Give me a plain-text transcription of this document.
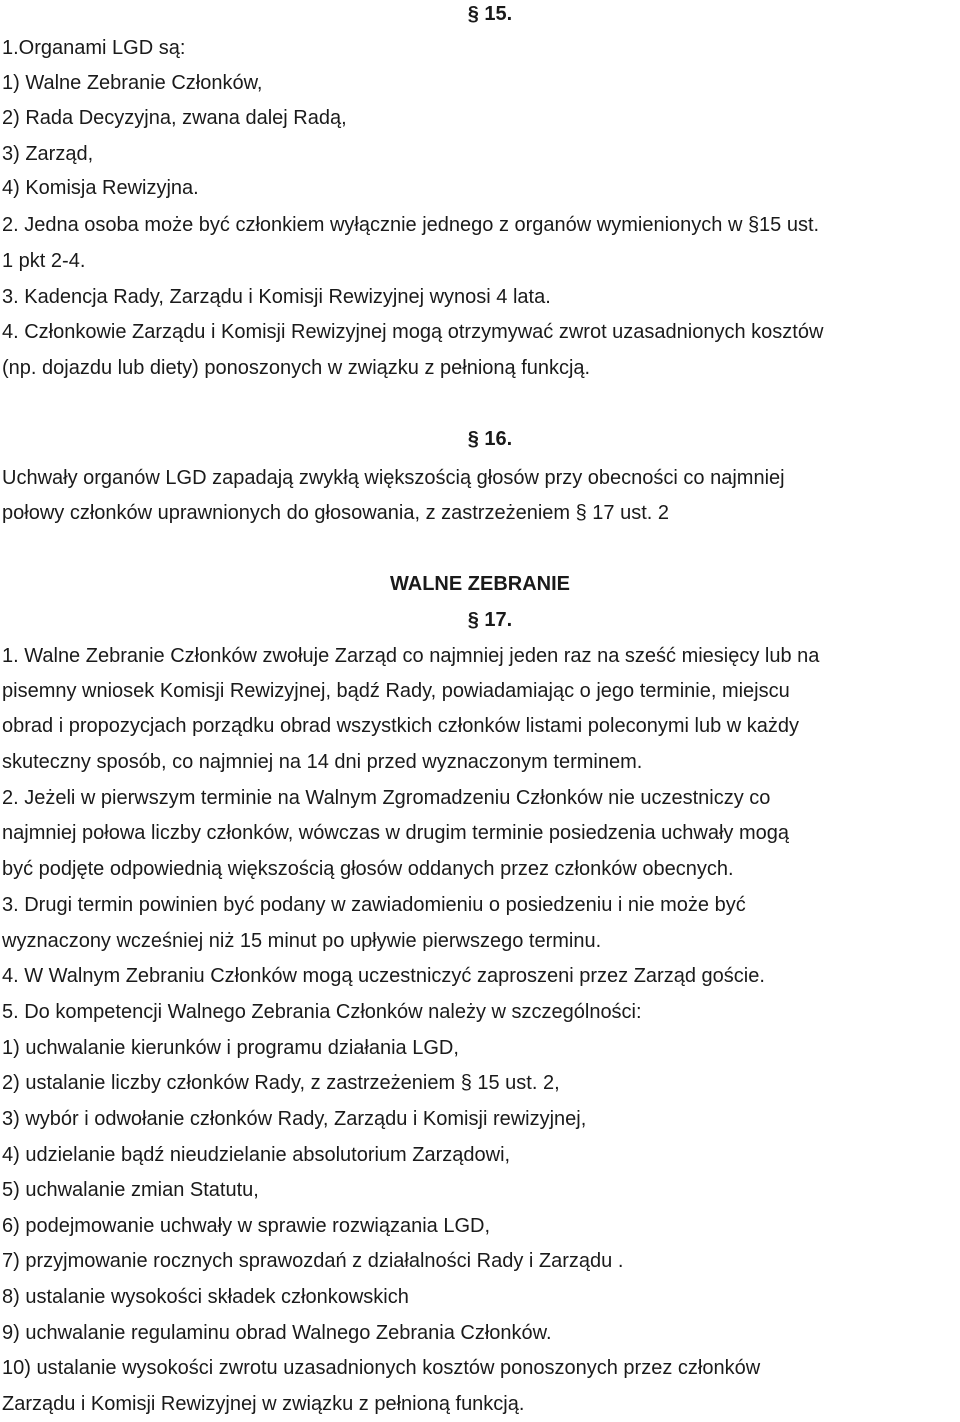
§ 15.
1.Organami LGD są:
1) Walne Zebranie Członków,
2) Rada Decyzyjna, zwana dalej Radą,
3) Zarząd,
4) Komisja Rewizyjna.
2. Jedna osoba może być członkiem wyłącznie jednego z organów wymienionych w §15 ust.
1 pkt 2-4.
3. Kadencja Rady, Zarządu i Komisji Rewizyjnej wynosi 4 lata.
4. Członkowie Zarządu i Komisji Rewizyjnej mogą otrzymywać zwrot uzasadnionych kosztów
(np. dojazdu lub diety) ponoszonych w związku z pełnioną funkcją.
§ 16.
Uchwały organów LGD zapadają zwykłą większością głosów przy obecności co najmniej
połowy członków uprawnionych do głosowania, z zastrzeżeniem § 17 ust. 2
WALNE ZEBRANIE
§ 17.
1. Walne Zebranie Członków zwołuje Zarząd co najmniej jeden raz na sześć miesięcy lub na
pisemny wniosek Komisji Rewizyjnej, bądź Rady, powiadamiając o jego terminie, miejscu
obrad i propozycjach porządku obrad wszystkich członków listami poleconymi lub w każdy
skuteczny sposób, co najmniej na 14 dni przed wyznaczonym terminem.
2. Jeżeli w pierwszym terminie na Walnym Zgromadzeniu Członków nie uczestniczy co
najmniej połowa liczby członków, wówczas w drugim terminie posiedzenia uchwały mogą
być podjęte odpowiednią większością głosów oddanych przez członków obecnych.
3. Drugi termin powinien być podany w zawiadomieniu o posiedzeniu i nie może być
wyznaczony wcześniej niż 15 minut po upływie pierwszego terminu.
4. W Walnym Zebraniu Członków mogą uczestniczyć zaproszeni przez Zarząd goście.
5. Do kompetencji Walnego Zebrania Członków należy w szczególności:
1) uchwalanie kierunków i programu działania LGD,
2) ustalanie liczby członków Rady, z zastrzeżeniem § 15 ust. 2,
3) wybór i odwołanie członków Rady, Zarządu i Komisji rewizyjnej,
4) udzielanie bądź nieudzielanie absolutorium Zarządowi,
5) uchwalanie zmian Statutu,
6) podejmowanie uchwały w sprawie rozwiązania LGD,
7) przyjmowanie rocznych sprawozdań z działalności Rady i Zarządu .
8) ustalanie wysokości składek członkowskich
9) uchwalanie regulaminu obrad Walnego Zebrania Członków.
10) ustalanie wysokości zwrotu uzasadnionych kosztów ponoszonych przez członków
Zarządu i Komisji Rewizyjnej w związku z pełnioną funkcją.
